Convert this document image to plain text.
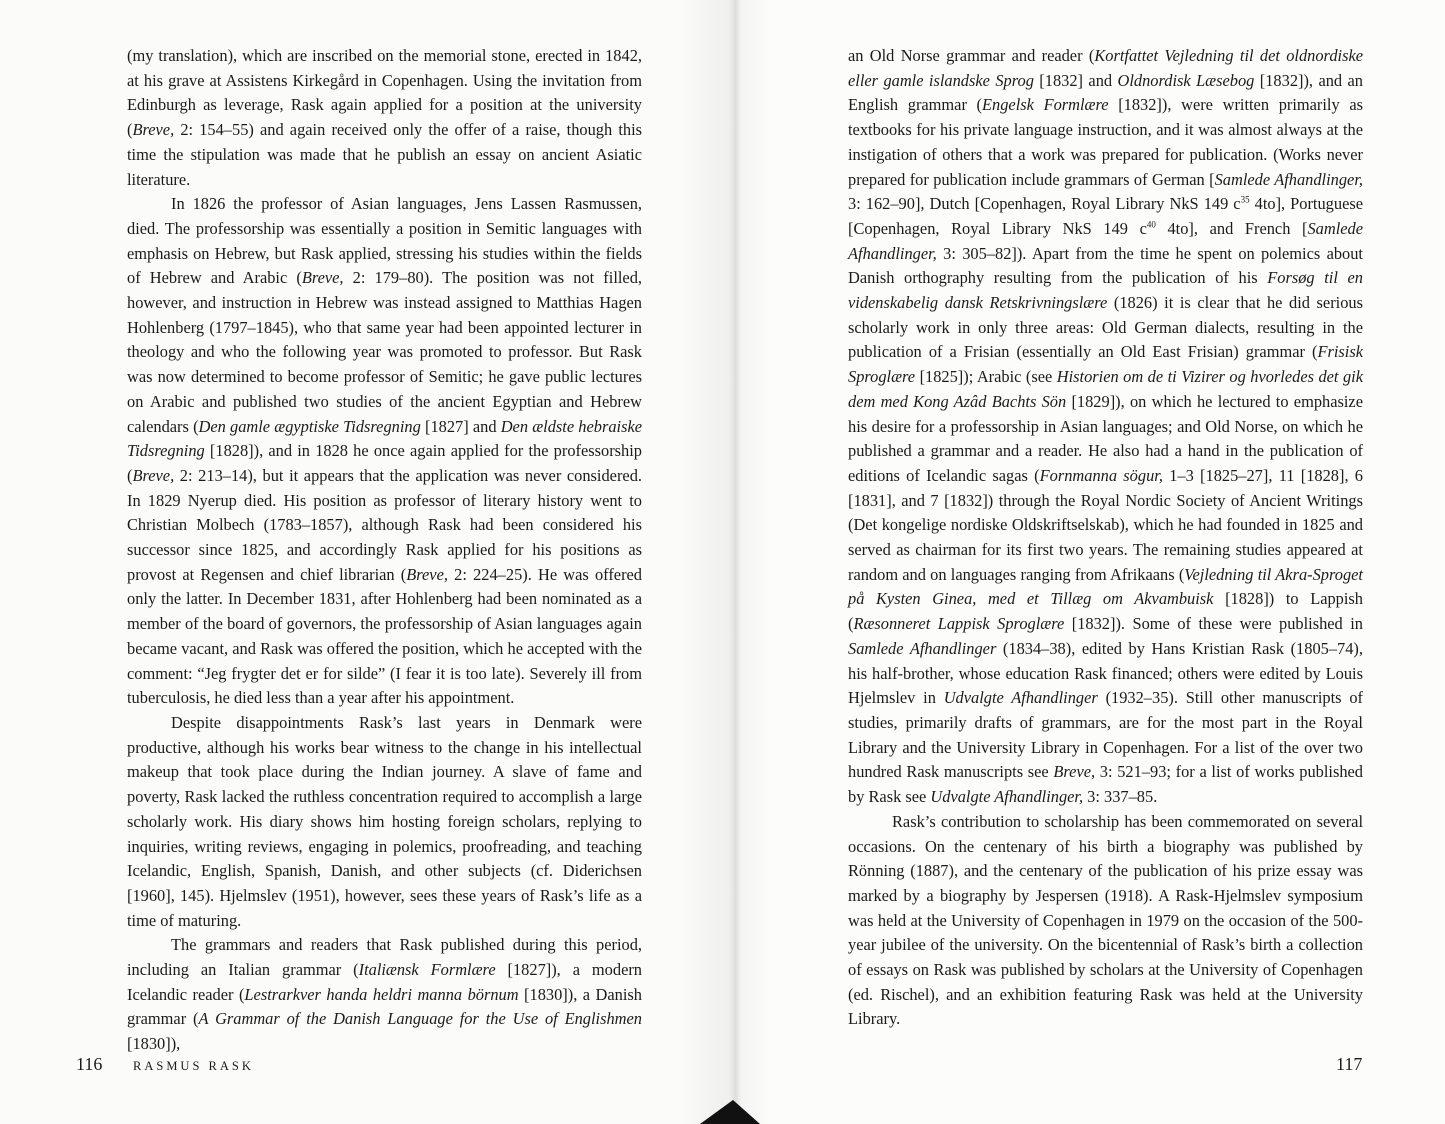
(my translation), which are inscribed on the memorial stone, erected in 1842, at his grave at Assistens Kirkegård in Copenhagen. Using the invitation from Edinburgh as leverage, Rask again applied for a position at the university (Breve, 2: 154–55) and again received only the offer of a raise, though this time the stipulation was made that he publish an essay on ancient Asiatic literature.

In 1826 the professor of Asian languages, Jens Lassen Rasmussen, died. The professorship was essentially a position in Semitic languages with emphasis on Hebrew, but Rask applied, stressing his studies within the fields of Hebrew and Arabic (Breve, 2: 179–80). The position was not filled, however, and instruction in Hebrew was instead assigned to Matthias Hagen Hohlenberg (1797–1845), who that same year had been appointed lecturer in theology and who the following year was promoted to professor. But Rask was now determined to become professor of Semitic; he gave public lectures on Arabic and published two studies of the ancient Egyptian and Hebrew calendars (Den gamle ægyptiske Tidsregning [1827] and Den ældste hebraiske Tidsregning [1828]), and in 1828 he once again applied for the professorship (Breve, 2: 213–14), but it appears that the application was never considered. In 1829 Nyerup died. His position as professor of literary history went to Christian Molbech (1783–1857), although Rask had been considered his successor since 1825, and accordingly Rask applied for his positions as provost at Regensen and chief librarian (Breve, 2: 224–25). He was offered only the latter. In December 1831, after Hohlenberg had been nominated as a member of the board of governors, the professorship of Asian languages again became vacant, and Rask was offered the position, which he accepted with the comment: “Jeg frygter det er for silde” (I fear it is too late). Severely ill from tuberculosis, he died less than a year after his appointment.

Despite disappointments Rask’s last years in Denmark were productive, although his works bear witness to the change in his intellectual makeup that took place during the Indian journey. A slave of fame and poverty, Rask lacked the ruthless concentration required to accomplish a large scholarly work. His diary shows him hosting foreign scholars, replying to inquiries, writing reviews, engaging in polemics, proofreading, and teaching Icelandic, English, Spanish, Danish, and other subjects (cf. Diderichsen [1960], 145). Hjelmslev (1951), however, sees these years of Rask’s life as a time of maturing.

The grammars and readers that Rask published during this period, including an Italian grammar (Italiænsk Formlære [1827]), a modern Icelandic reader (Lestrarkver handa heldri manna börnum [1830]), a Danish grammar (A Grammar of the Danish Language for the Use of Englishmen [1830]),

116 RASMUS RASK

an Old Norse grammar and reader (Kortfattet Vejledning til det oldnordiske eller gamle islandske Sprog [1832] and Oldnordisk Læsebog [1832]), and an English grammar (Engelsk Formlære [1832]), were written primarily as textbooks for his private language instruction, and it was almost always at the instigation of others that a work was prepared for publication. (Works never prepared for publication include grammars of German [Samlede Afhandlinger, 3: 162–90], Dutch [Copenhagen, Royal Library NkS 149 $c^{35}$ 4to], Portuguese [Copenhagen, Royal Library NkS 149 $c^{40}$ 4to], and French [Samlede Afhandlinger, 3: 305–82]). Apart from the time he spent on polemics about Danish orthography resulting from the publication of his Forsøg til en videnskabelig dansk Retskrivningslære (1826) it is clear that he did serious scholarly work in only three areas: Old German dialects, resulting in the publication of a Frisian (essentially an Old East Frisian) grammar (Frisisk Sproglære [1825]); Arabic (see Historien om de ti Vizirer og hvorledes det gik dem med Kong Azâd Bachts Sön [1829]), on which he lectured to emphasize his desire for a professorship in Asian languages; and Old Norse, on which he published a grammar and a reader. He also had a hand in the publication of editions of Icelandic sagas (Fornmanna sögur, 1–3 [1825–27], 11 [1828], 6 [1831], and 7 [1832]) through the Royal Nordic Society of Ancient Writings (Det kongelige nordiske Oldskriftselskab), which he had founded in 1825 and served as chairman for its first two years. The remaining studies appeared at random and on languages ranging from Afrikaans (Vejledning til Akra-Sproget på Kysten Ginea, med et Tillæg om Akvambuisk [1828]) to Lappish (Ræsonneret Lappisk Sproglære [1832]). Some of these were published in Samlede Afhandlinger (1834–38), edited by Hans Kristian Rask (1805–74), his half-brother, whose education Rask financed; others were edited by Louis Hjelmslev in Udvalgte Afhandlinger (1932–35). Still other manuscripts of studies, primarily drafts of grammars, are for the most part in the Royal Library and the University Library in Copenhagen. For a list of the over two hundred Rask manuscripts see Breve, 3: 521–93; for a list of works published by Rask see Udvalgte Afhandlinger, 3: 337–85.

Rask’s contribution to scholarship has been commemorated on several occasions. On the centenary of his birth a biography was published by Rönning (1887), and the centenary of the publication of his prize essay was marked by a biography by Jespersen (1918). A Rask-Hjelmslev symposium was held at the University of Copenhagen in 1979 on the occasion of the 500-year jubilee of the university. On the bicentennial of Rask’s birth a collection of essays on Rask was published by scholars at the University of Copenhagen (ed. Rischel), and an exhibition featuring Rask was held at the University Library.

117
